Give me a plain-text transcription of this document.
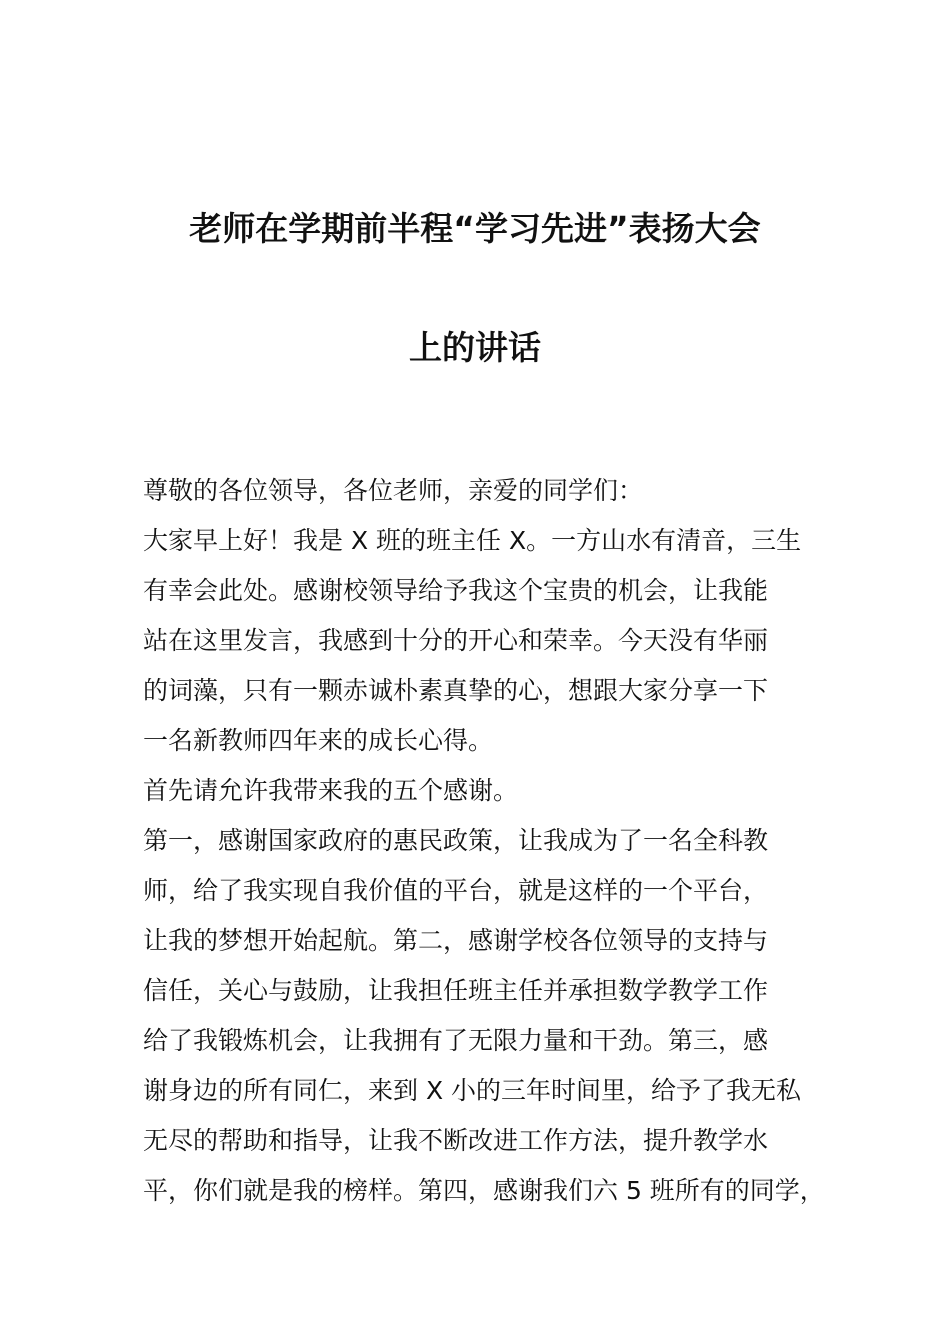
老师在学期前半程“学习先进”表扬大会
上的讲话
尊敬的各位领导，各位老师，亲爱的同学们：
大家早上好！我是 X 班的班主任 X。一方山水有清音，三生
有幸会此处。感谢校领导给予我这个宝贵的机会，让我能
站在这里发言，我感到十分的开心和荣幸。今天没有华丽
的词藻，只有一颗赤诚朴素真挚的心，想跟大家分享一下
一名新教师四年来的成长心得。
首先请允许我带来我的五个感谢。
第一，感谢国家政府的惠民政策，让我成为了一名全科教
师，给了我实现自我价值的平台，就是这样的一个平台，
让我的梦想开始起航。第二，感谢学校各位领导的支持与
信任，关心与鼓励，让我担任班主任并承担数学教学工作
给了我锻炼机会，让我拥有了无限力量和干劲。第三，感
谢身边的所有同仁，来到 X 小的三年时间里，给予了我无私
无尽的帮助和指导，让我不断改进工作方法，提升教学水
平，你们就是我的榜样。第四，感谢我们六 5 班所有的同学，
